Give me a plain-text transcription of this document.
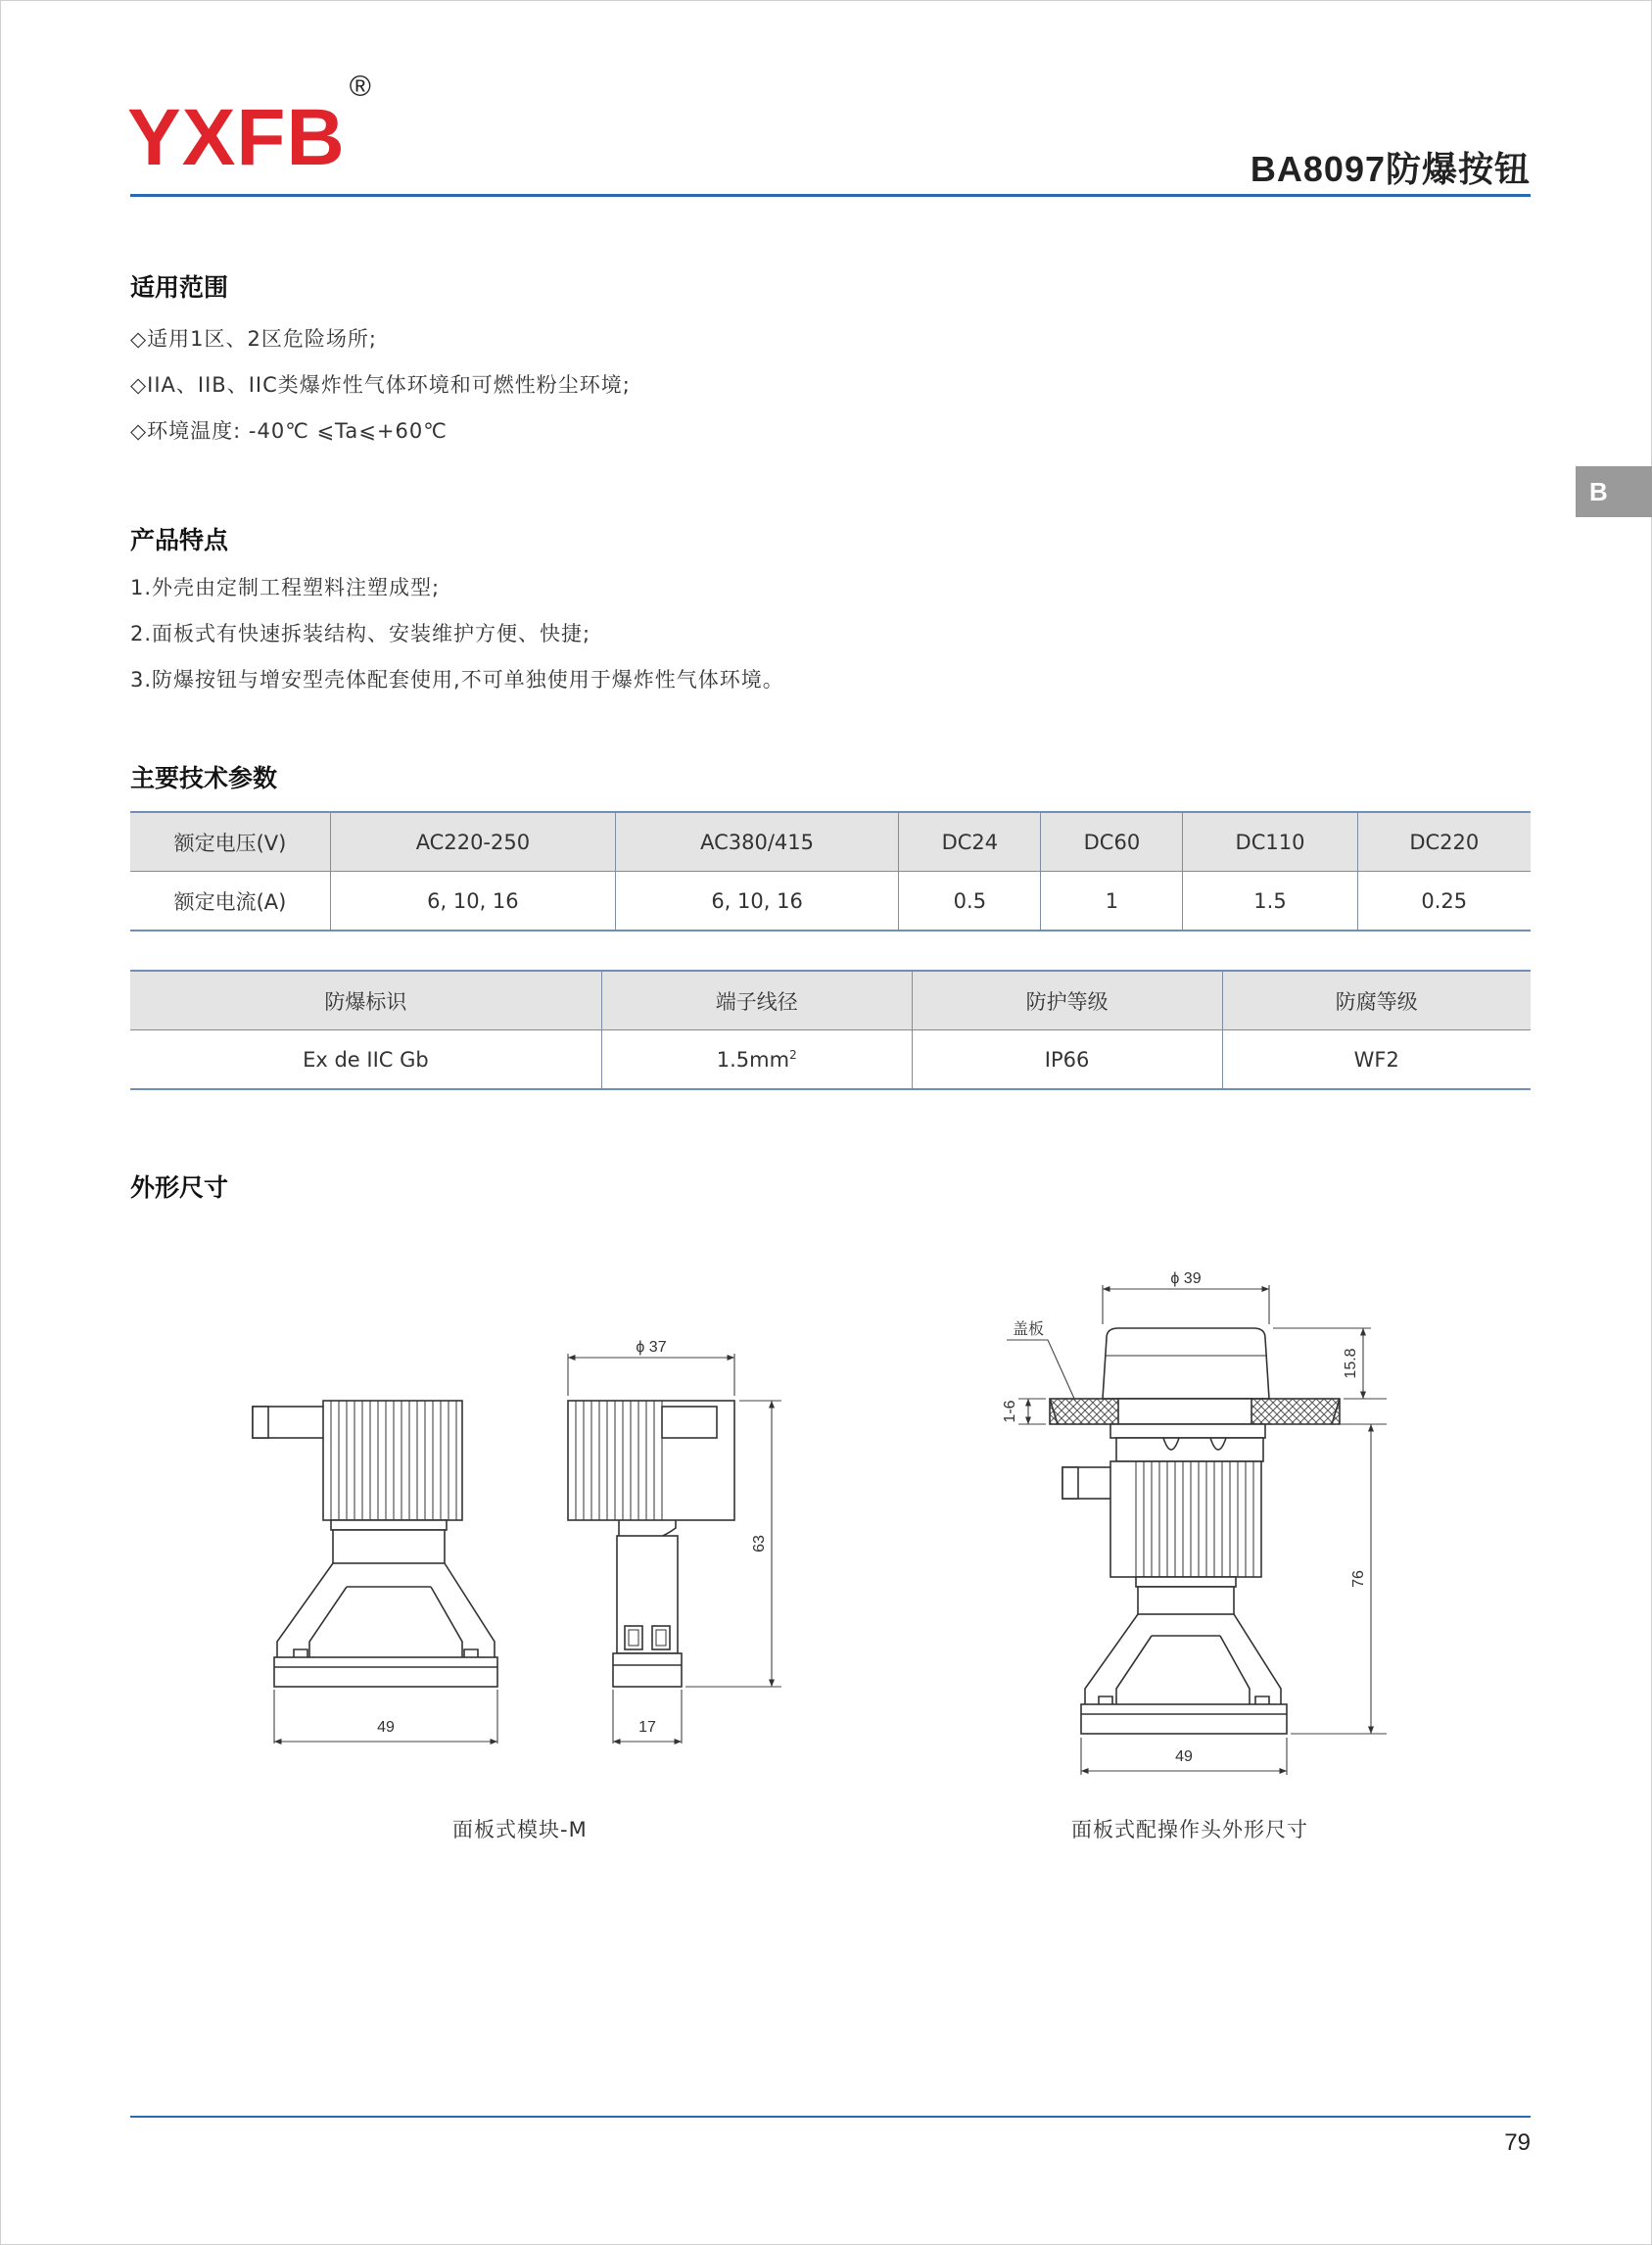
YXFB®
BA8097防爆按钮
B
适用范围
◇适用1区、2区危险场所;
◇IIA、IIB、IIC类爆炸性气体环境和可燃性粉尘环境;
◇环境温度: -40℃ ⩽Ta⩽+60℃
产品特点
1.外壳由定制工程塑料注塑成型;
2.面板式有快速拆装结构、安装维护方便、快捷;
3.防爆按钮与增安型壳体配套使用,不可单独使用于爆炸性气体环境。
主要技术参数
额定电压(V)	AC220-250	AC380/415	DC24	DC60	DC110	DC220
额定电流(A)	6, 10, 16	6, 10, 16	0.5	1	1.5	0.25
防爆标识	端子线径	防护等级	防腐等级
Ex de IIC Gb	$1.5mm^2$	IP66	WF2
外形尺寸
49	17
ϕ 37
63
ϕ 39
盖板
15.8
76
1-6
49
面板式模块-M	面板式配操作头外形尺寸
79
